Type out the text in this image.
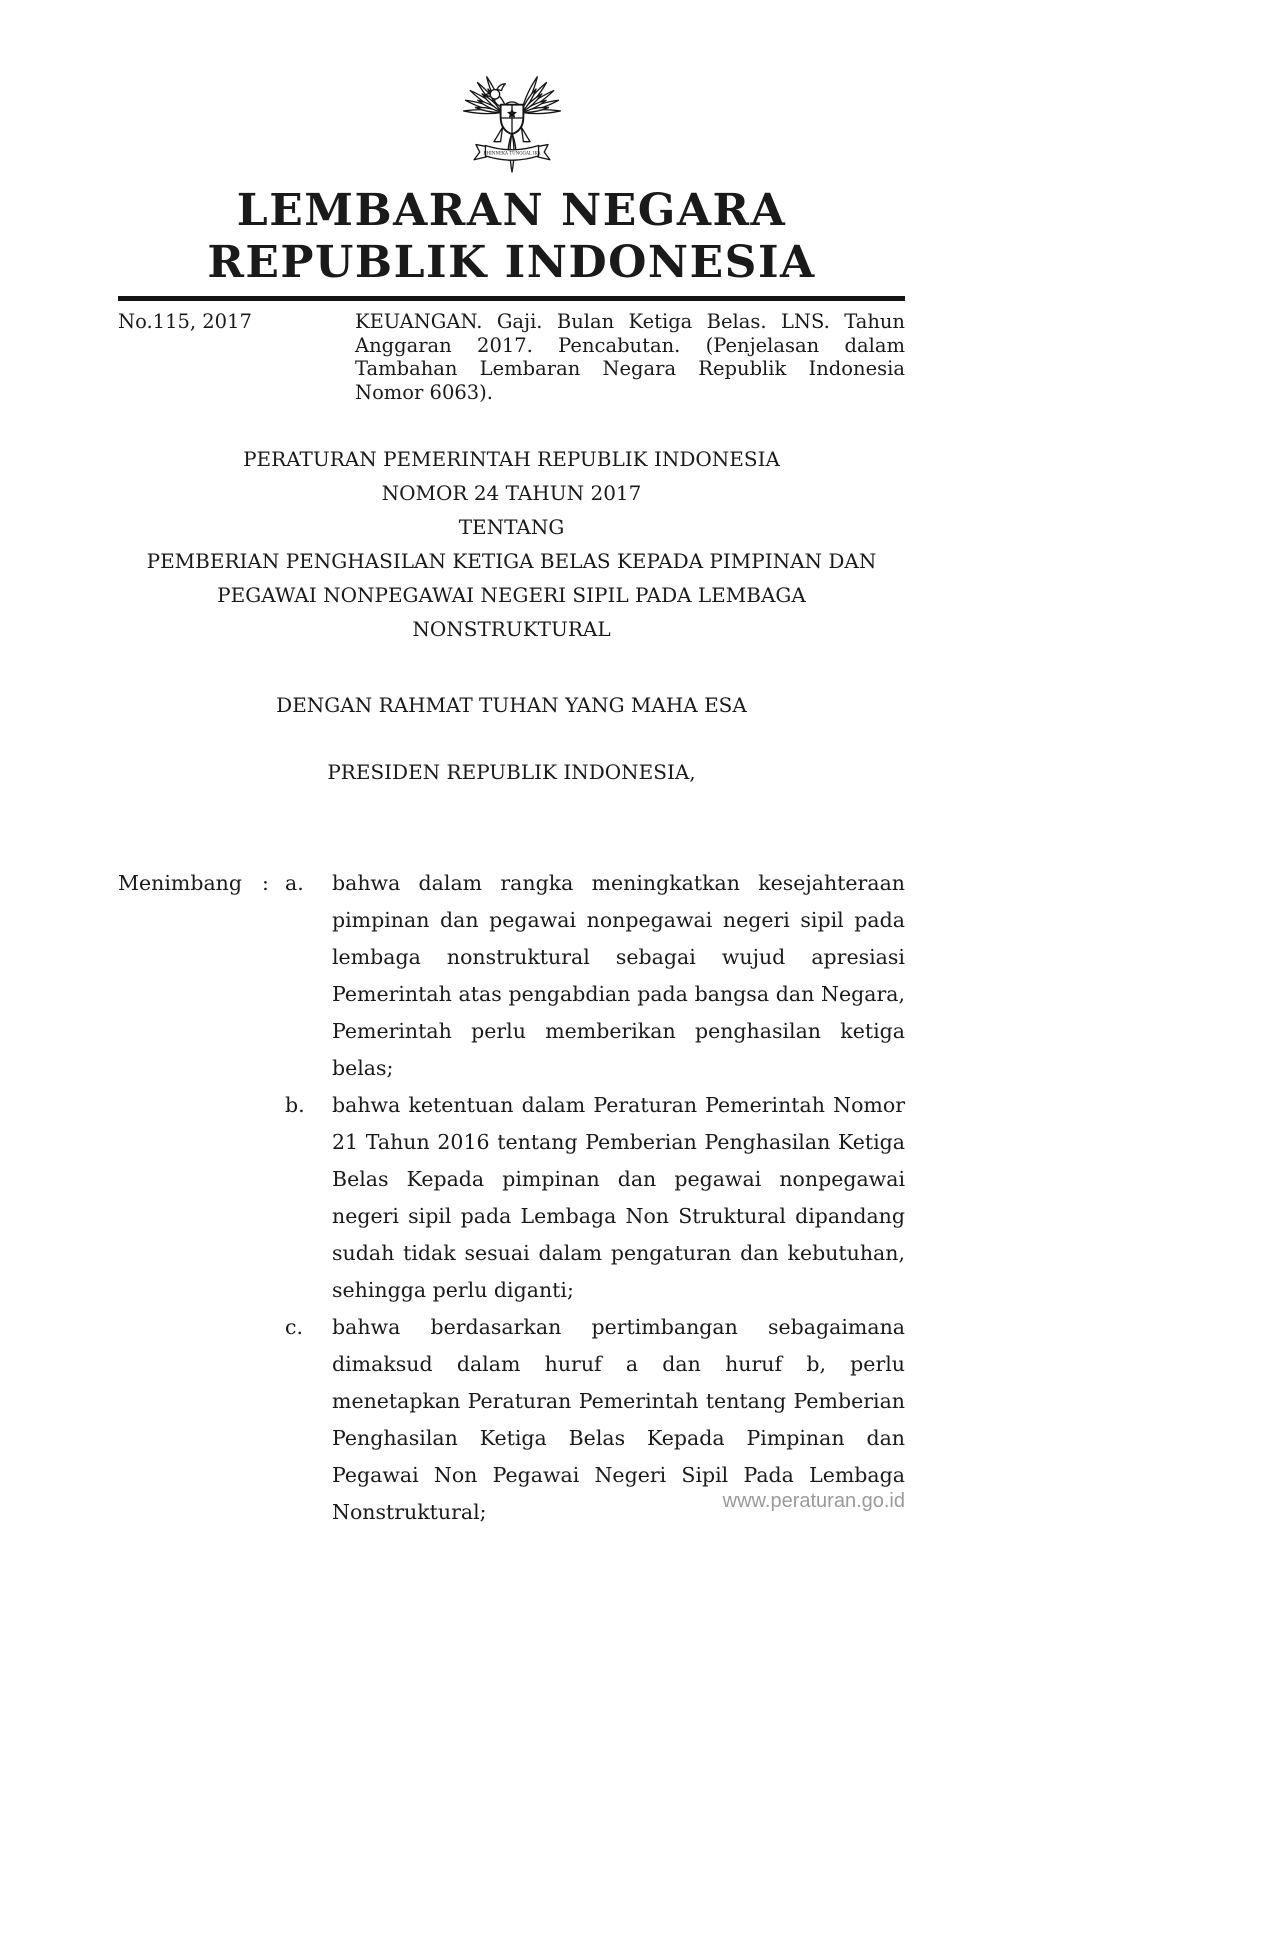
BHINNEKA TUNGGAL IKA
LEMBARAN NEGARA
REPUBLIK INDONESIA
No.115, 2017	KEUANGAN. Gaji. Bulan Ketiga Belas. LNS. Tahun Anggaran 2017. Pencabutan. (Penjelasan dalam Tambahan Lembaran Negara Republik Indonesia Nomor 6063).

PERATURAN PEMERINTAH REPUBLIK INDONESIA
NOMOR 24 TAHUN 2017
TENTANG
PEMBERIAN PENGHASILAN KETIGA BELAS KEPADA PIMPINAN DAN PEGAWAI NONPEGAWAI NEGERI SIPIL PADA LEMBAGA NONSTRUKTURAL
DENGAN RAHMAT TUHAN YANG MAHA ESA
PRESIDEN REPUBLIK INDONESIA,
Menimbang : a.	bahwa dalam rangka meningkatkan kesejahteraan pimpinan dan pegawai nonpegawai negeri sipil pada lembaga nonstruktural sebagai wujud apresiasi Pemerintah atas pengabdian pada bangsa dan Negara, Pemerintah perlu memberikan penghasilan ketiga belas;
b.	bahwa ketentuan dalam Peraturan Pemerintah Nomor 21 Tahun 2016 tentang Pemberian Penghasilan Ketiga Belas Kepada pimpinan dan pegawai nonpegawai negeri sipil pada Lembaga Non Struktural dipandang sudah tidak sesuai dalam pengaturan dan kebutuhan, sehingga perlu diganti;
c.	bahwa berdasarkan pertimbangan sebagaimana dimaksud dalam huruf a dan huruf b, perlu menetapkan Peraturan Pemerintah tentang Pemberian Penghasilan Ketiga Belas Kepada Pimpinan dan Pegawai Non Pegawai Negeri Sipil Pada Lembaga Nonstruktural;	www.peraturan.go.id
